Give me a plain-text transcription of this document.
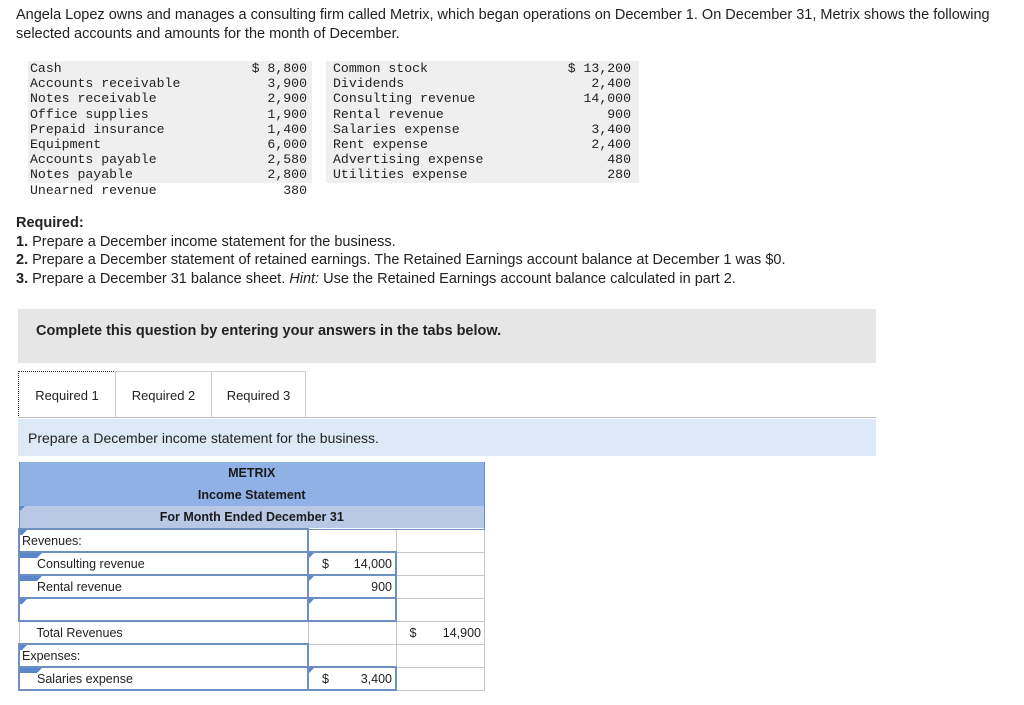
Angela Lopez owns and manages a consulting firm called Metrix, which began operations on December 1. On December 31, Metrix shows the following selected accounts and amounts for the month of December.
Cash	$ 8,800 Common stock	$ 13,200
Accounts receivable	3,900 Dividends	2,400
Notes receivable	2,900 Consulting revenue	14,000
Office supplies	1,900 Rental revenue	900
Prepaid insurance	1,400 Salaries expense	3,400
Equipment	6,000 Rent expense	2,400
Accounts payable	2,580 Advertising expense	480
Notes payable	2,800 Utilities expense	280
Unearned revenue	380
Required:
1. Prepare a December income statement for the business.
2. Prepare a December statement of retained earnings. The Retained Earnings account balance at December 1 was $0.
3. Prepare a December 31 balance sheet. Hint: Use the Retained Earnings account balance calculated in part 2.
Complete this question by entering your answers in the tabs below.
Required 1	Required 2	Required 3
Prepare a December income statement for the business.
METRIX		
Income Statement		

For Month Ended December 31		

Revenues:		

Consulting revenue	$ 14,000	

Rental revenue	900	

Total Revenues		$ 14,900

Expenses:		

Salaries expense	$ 3,400	
